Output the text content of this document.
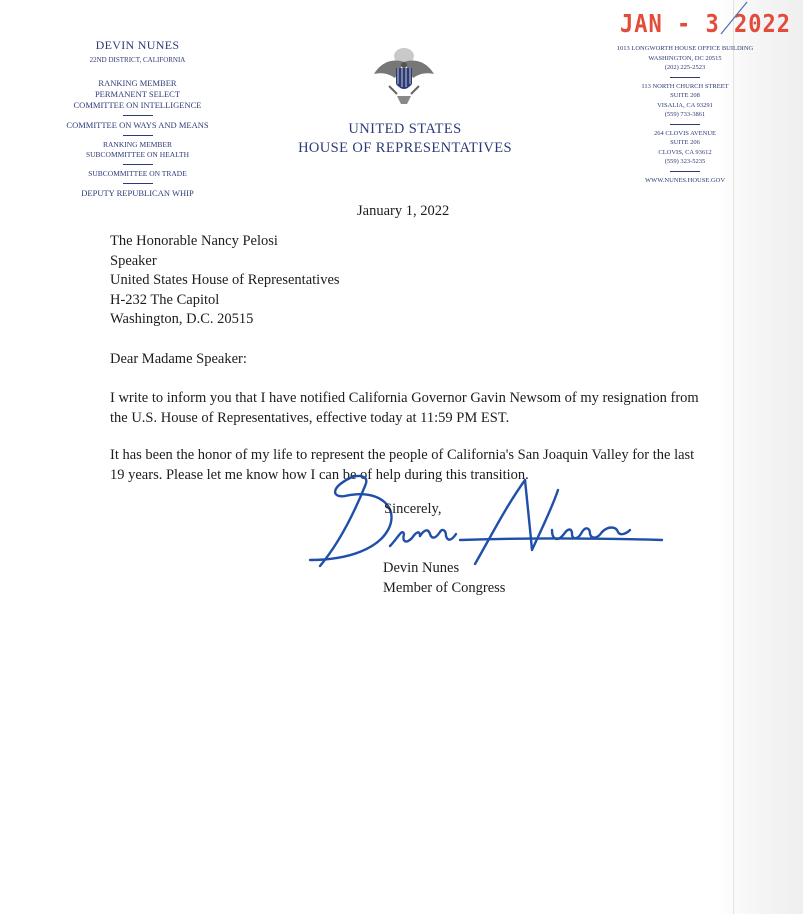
JAN - 3 2022
DEVIN NUNES
22ND DISTRICT, CALIFORNIA
RANKING MEMBER
PERMANENT SELECT
COMMITTEE ON INTELLIGENCE
COMMITTEE ON WAYS AND MEANS
RANKING MEMBER
SUBCOMMITTEE ON HEALTH
SUBCOMMITTEE ON TRADE
DEPUTY REPUBLICAN WHIP
UNITED STATES
HOUSE OF REPRESENTATIVES
1013 LONGWORTH HOUSE OFFICE BUILDING
WASHINGTON, DC 20515
(202) 225-2523
113 NORTH CHURCH STREET
SUITE 208
VISALIA, CA 93291
(559) 733-3861
264 CLOVIS AVENUE
SUITE 206
CLOVIS, CA 93612
(559) 323-5235
WWW.NUNES.HOUSE.GOV
January 1, 2022

The Honorable Nancy Pelosi

Speaker

United States House of Representatives

H-232 The Capitol

Washington, D.C. 20515

Dear Madame Speaker:

I write to inform you that I have notified California Governor Gavin Newsom of my resignation from the U.S. House of Representatives, effective today at 11:59 PM EST.

It has been the honor of my life to represent the people of California's San Joaquin Valley for the last 19 years. Please let me know how I can be of help during this transition.

Sincerely,
Devin Nunes
Member of Congress
